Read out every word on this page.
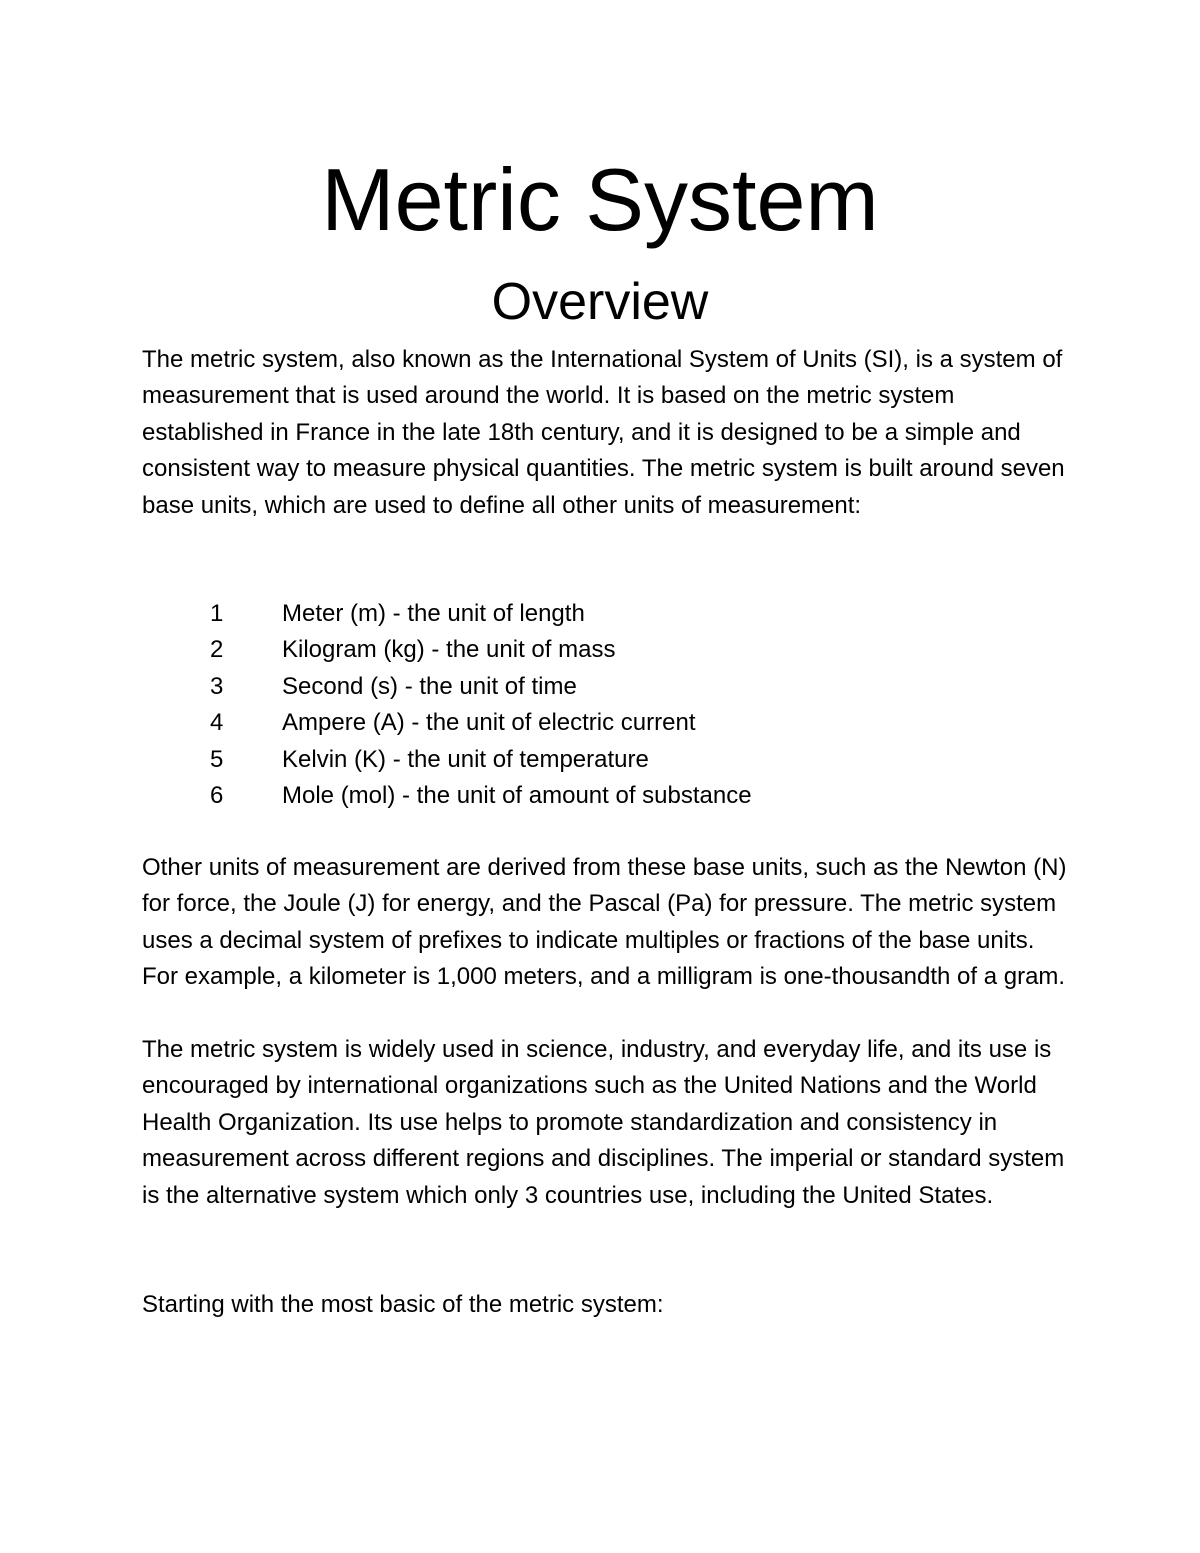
Metric System
Overview

The metric system, also known as the International System of Units (SI), is a system of measurement that is used around the world. It is based on the metric system established in France in the late 18th century, and it is designed to be a simple and consistent way to measure physical quantities. The metric system is built around seven base units, which are used to define all other units of measurement:

1 Meter (m) - the unit of length
2 Kilogram (kg) - the unit of mass
3 Second (s) - the unit of time
4 Ampere (A) - the unit of electric current
5 Kelvin (K) - the unit of temperature
6 Mole (mol) - the unit of amount of substance

Other units of measurement are derived from these base units, such as the Newton (N) for force, the Joule (J) for energy, and the Pascal (Pa) for pressure. The metric system uses a decimal system of prefixes to indicate multiples or fractions of the base units. For example, a kilometer is 1,000 meters, and a milligram is one-thousandth of a gram.

The metric system is widely used in science, industry, and everyday life, and its use is encouraged by international organizations such as the United Nations and the World Health Organization. Its use helps to promote standardization and consistency in measurement across different regions and disciplines. The imperial or standard system is the alternative system which only 3 countries use, including the United States.

Starting with the most basic of the metric system:
